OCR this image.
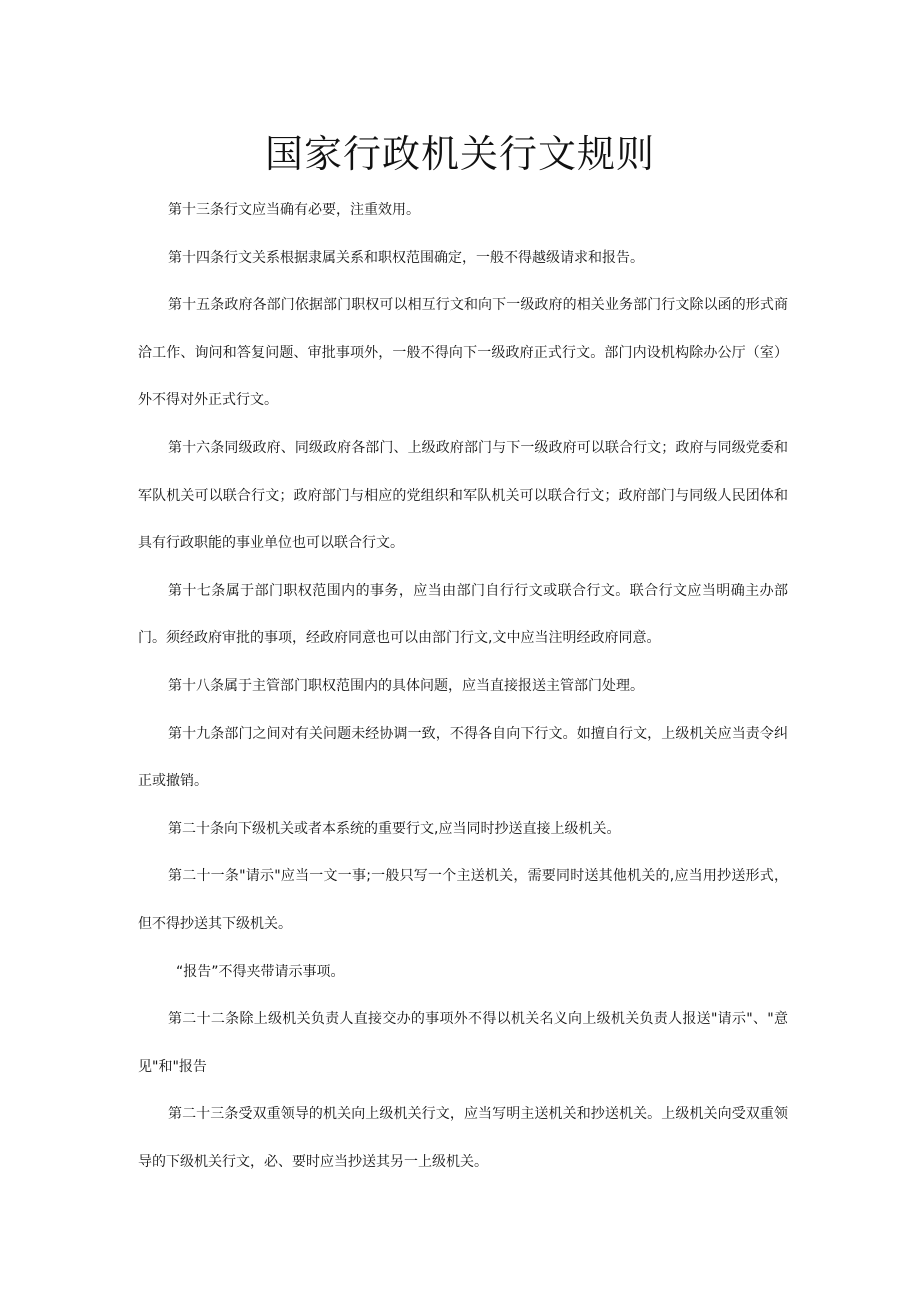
国家行政机关行文规则

第十三条行文应当确有必要，注重效用。

第十四条行文关系根据隶属关系和职权范围确定，一般不得越级请求和报告。

第十五条政府各部门依据部门职权可以相互行文和向下一级政府的相关业务部门行文除以函的形式商洽工作、询问和答复问题、审批事项外，一般不得向下一级政府正式行文。部门内设机构除办公厅（室）外不得对外正式行文。

第十六条同级政府、同级政府各部门、上级政府部门与下一级政府可以联合行文；政府与同级党委和军队机关可以联合行文；政府部门与相应的党组织和军队机关可以联合行文；政府部门与同级人民团体和具有行政职能的事业单位也可以联合行文。

第十七条属于部门职权范围内的事务，应当由部门自行行文或联合行文。联合行文应当明确主办部门。须经政府审批的事项，经政府同意也可以由部门行文,文中应当注明经政府同意。

第十八条属于主管部门职权范围内的具体问题，应当直接报送主管部门处理。

第十九条部门之间对有关问题未经协调一致，不得各自向下行文。如擅自行文，上级机关应当责令纠正或撤销。

第二十条向下级机关或者本系统的重要行文,应当同时抄送直接上级机关。

第二十一条"请示"应当一文一事;一般只写一个主送机关，需要同时送其他机关的,应当用抄送形式，但不得抄送其下级机关。

“报告”不得夹带请示事项。

第二十二条除上级机关负责人直接交办的事项外不得以机关名义向上级机关负责人报送"请示"、"意见"和"报告

第二十三条受双重领导的机关向上级机关行文，应当写明主送机关和抄送机关。上级机关向受双重领导的下级机关行文，必、要时应当抄送其另一上级机关。
